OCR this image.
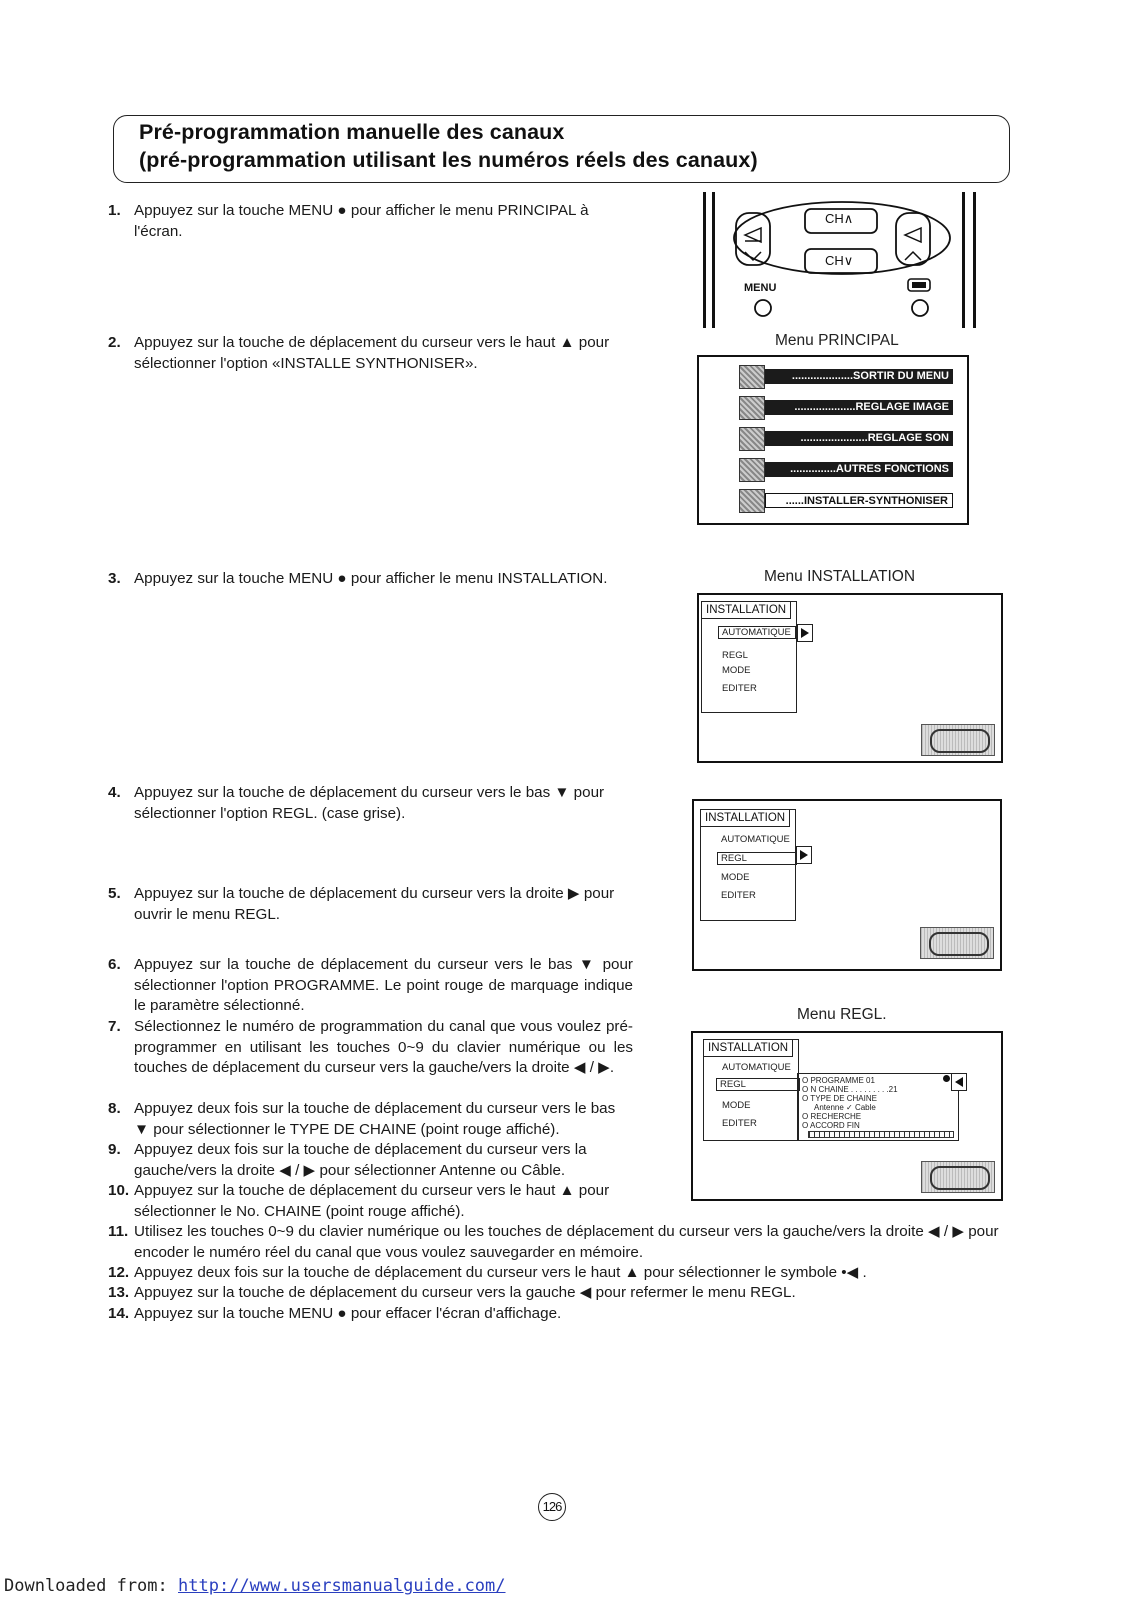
Pré-programmation manuelle des canaux
(pré-programmation utilisant les numéros réels des canaux)
1. Appuyez sur la touche MENU ● pour afficher le menu PRINCIPAL à l'écran.
2. Appuyez sur la touche de déplacement du curseur vers le haut ▲ pour sélectionner l'option «INSTALLE SYNTHONISER».
3. Appuyez sur la touche MENU ● pour afficher le menu INSTALLATION.
4. Appuyez sur la touche de déplacement du curseur vers le bas ▼ pour sélectionner l'option REGL. (case grise).
5. Appuyez sur la touche de déplacement du curseur vers la droite ▶ pour ouvrir le menu REGL.
6. Appuyez sur la touche de déplacement du curseur vers le bas ▼ pour sélectionner l'option PROGRAMME. Le point rouge de marquage indique le paramètre sélectionné.
7. Sélectionnez le numéro de programmation du canal que vous voulez pré-programmer en utilisant les touches 0~9 du clavier numérique ou les touches de déplacement du curseur vers la gauche/vers la droite ◀ / ▶.
8. Appuyez deux fois sur la touche de déplacement du curseur vers le bas ▼ pour sélectionner le TYPE DE CHAINE (point rouge affiché).
9. Appuyez deux fois sur la touche de déplacement du curseur vers la gauche/vers la droite ◀ / ▶ pour sélectionner Antenne ou Câble.
10. Appuyez sur la touche de déplacement du curseur vers le haut ▲ pour sélectionner le No. CHAINE (point rouge affiché).
11. Utilisez les touches 0~9 du clavier numérique ou les touches de déplacement du curseur vers la gauche/vers la droite ◀ / ▶ pour encoder le numéro réel du canal que vous voulez sauvegarder en mémoire.
12. Appuyez deux fois sur la touche de déplacement du curseur vers le haut ▲ pour sélectionner le symbole •◀ .
13. Appuyez sur la touche de déplacement du curseur vers la gauche ◀ pour refermer le menu REGL.
14. Appuyez sur la touche MENU ● pour effacer l'écran d'affichage.
CH∧
CH∨
MENU
Menu PRINCIPAL
....................SORTIR DU MENU
....................REGLAGE IMAGE
......................REGLAGE SON
...............AUTRES FONCTIONS
......INSTALLER-SYNTHONISER
Menu INSTALLATION
INSTALLATION
AUTOMATIQUE
REGL
MODE
EDITER
INSTALLATION
AUTOMATIQUE
REGL
MODE
EDITER
Menu REGL.
INSTALLATION
AUTOMATIQUE
REGL
MODE
EDITER
O PROGRAMME 01
O N CHAINE . . . . . . . . .21
O TYPE DE CHAINE
Antenne ✓ Cable
O RECHERCHE
O ACCORD FIN
126
Downloaded from: http://www.usersmanualguide.com/
